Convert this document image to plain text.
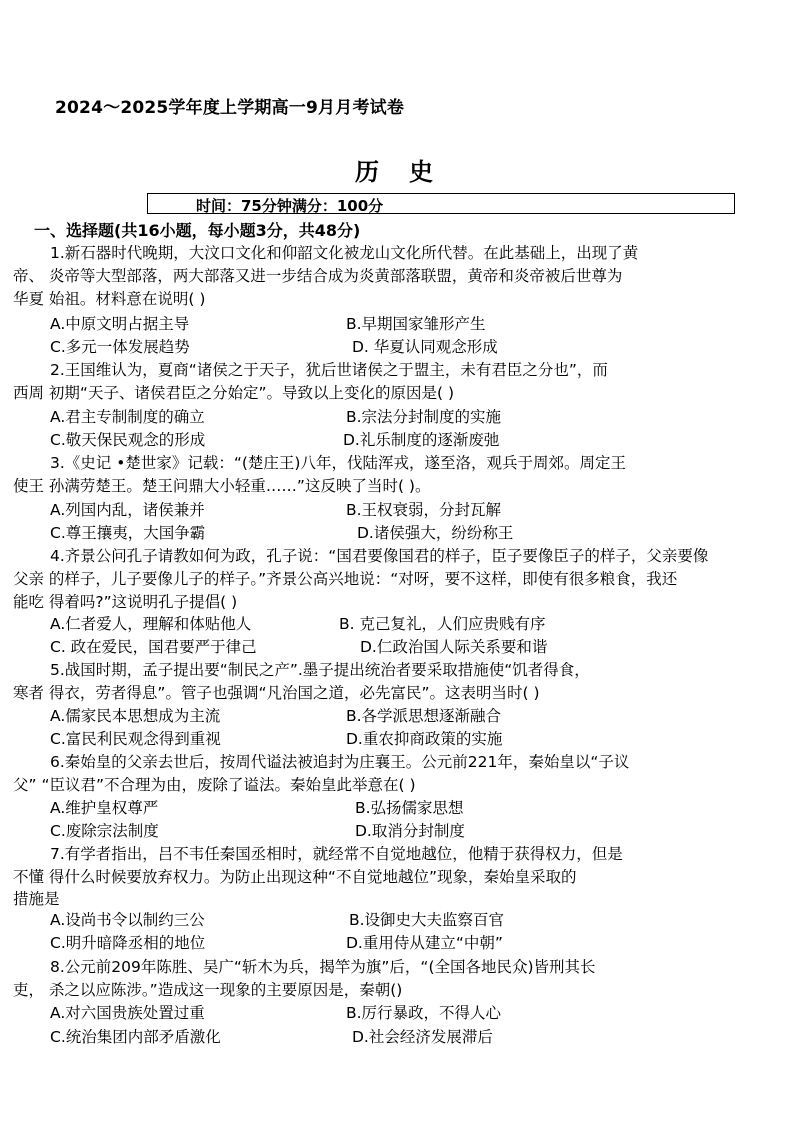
2024～2025学年度上学期高一9月月考试卷
历史
时间：75分钟满分：100分
一、选择题(共16小题，每小题3分，共48分)
1.新石器时代晚期，大汶口文化和仰韶文化被龙山文化所代替。在此基础上，出现了黄
帝、 炎帝等大型部落，两大部落又进一步结合成为炎黄部落联盟，黄帝和炎帝被后世尊为
华夏 始祖。材料意在说明( )
A.中原文明占据主导	B.早期国家雏形产生
C.多元一体发展趋势	D. 华夏认同观念形成
2.王国维认为，夏商“诸侯之于天子，犹后世诸侯之于盟主，未有君臣之分也”，而
西周 初期“天子、诸侯君臣之分始定”。导致以上变化的原因是( )
A.君主专制制度的确立	B.宗法分封制度的实施
C.敬天保民观念的形成	D.礼乐制度的逐渐废弛
3.《史记 •楚世家》记载：“(楚庄王)八年，伐陆浑戎，遂至洛，观兵于周郊。周定王
使王 孙满劳楚王。楚王问鼎大小轻重……”这反映了当时( )。
A.列国内乱，诸侯兼并	B.王权衰弱，分封瓦解
C.尊王攘夷，大国争霸	D.诸侯强大，纷纷称王
4.齐景公问孔子请教如何为政，孔子说：“国君要像国君的样子，臣子要像臣子的样子，父亲要像
父亲 的样子，儿子要像儿子的样子。”齐景公高兴地说：“对呀，要不这样，即使有很多粮食，我还
能吃 得着吗?”这说明孔子提倡( )
A.仁者爱人，理解和体贴他人	B. 克己复礼，人们应贵贱有序
C. 政在爱民，国君要严于律己	D.仁政治国人际关系要和谐
5.战国时期，孟子提出要“制民之产”.墨子提出统治者要采取措施使“饥者得食，
寒者 得衣，劳者得息”。管子也强调“凡治国之道，必先富民”。这表明当时( )
A.儒家民本思想成为主流	B.各学派思想逐渐融合
C.富民利民观念得到重视	D.重农抑商政策的实施
6.秦始皇的父亲去世后，按周代谥法被追封为庄襄王。公元前221年，秦始皇以“子议
父” “臣议君”不合理为由，废除了谥法。秦始皇此举意在( )
A.维护皇权尊严	B.弘扬儒家思想
C.废除宗法制度	D.取消分封制度
7.有学者指出，吕不韦任秦国丞相时，就经常不自觉地越位，他精于获得权力，但是
不懂 得什么时候要放弃权力。为防止出现这种“不自觉地越位”现象，秦始皇采取的
措施是
A.设尚书令以制约三公	B.设御史大夫监察百官
C.明升暗降丞相的地位	D.重用侍从建立“中朝”
8.公元前209年陈胜、吴广“斩木为兵，揭竿为旗”后，“(全国各地民众)皆刑其长
吏， 杀之以应陈涉。”造成这一现象的主要原因是，秦朝()
A.对六国贵族处置过重	B.厉行暴政，不得人心
C.统治集团内部矛盾激化	D.社会经济发展滞后
